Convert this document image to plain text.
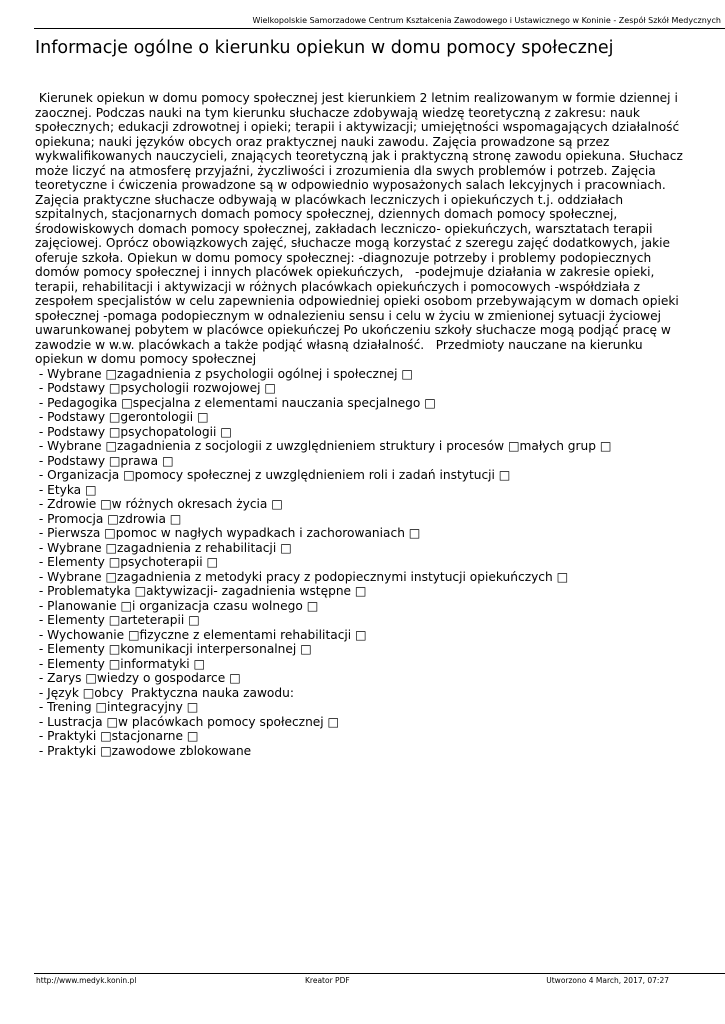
Wielkopolskie Samorzadowe Centrum Kształcenia Zawodowego i Ustawicznego w Koninie - Zespół Szkół Medycznych
Informacje ogólne o kierunku opiekun w domu pomocy społecznej

Kierunek opiekun w domu pomocy społecznej jest kierunkiem 2 letnim realizowanym w formie dziennej i
zaocznej. Podczas nauki na tym kierunku słuchacze zdobywają wiedzę teoretyczną z zakresu: nauk
społecznych; edukacji zdrowotnej i opieki; terapii i aktywizacji; umiejętności wspomagających działalność
opiekuna; nauki języków obcych oraz praktycznej nauki zawodu. Zajęcia prowadzone są przez
wykwalifikowanych nauczycieli, znających teoretyczną jak i praktyczną stronę zawodu opiekuna. Słuchacz
może liczyć na atmosferę przyjaźni, życzliwości i zrozumienia dla swych problemów i potrzeb. Zajęcia
teoretyczne i ćwiczenia prowadzone są w odpowiednio wyposażonych salach lekcyjnych i pracowniach.
Zajęcia praktyczne słuchacze odbywają w placówkach leczniczych i opiekuńczych t.j. oddziałach
szpitalnych, stacjonarnych domach pomocy społecznej, dziennych domach pomocy społecznej,
środowiskowych domach pomocy społecznej, zakładach leczniczo- opiekuńczych, warsztatach terapii
zajęciowej. Oprócz obowiązkowych zajęć, słuchacze mogą korzystać z szeregu zajęć dodatkowych, jakie
oferuje szkoła. Opiekun w domu pomocy społecznej: -diagnozuje potrzeby i problemy podopiecznych
domów pomocy społecznej i innych placówek opiekuńczych,   -podejmuje działania w zakresie opieki,
terapii, rehabilitacji i aktywizacji w różnych placówkach opiekuńczych i pomocowych -współdziała z
zespołem specjalistów w celu zapewnienia odpowiedniej opieki osobom przebywającym w domach opieki
społecznej -pomaga podopiecznym w odnalezieniu sensu i celu w życiu w zmienionej sytuacji życiowej
uwarunkowanej pobytem w placówce opiekuńczej Po ukończeniu szkoły słuchacze mogą podjąć pracę w
zawodzie w w.w. placówkach a także podjąć własną działalność.   Przedmioty nauczane na kierunku
opiekun w domu pomocy społecznej

- Wybrane □zagadnienia z psychologii ogólnej i społecznej □
- Podstawy □psychologii rozwojowej □
- Pedagogika □specjalna z elementami nauczania specjalnego □
- Podstawy □gerontologii □
- Podstawy □psychopatologii □
- Wybrane □zagadnienia z socjologii z uwzględnieniem struktury i procesów □małych grup □
- Podstawy □prawa □
- Organizacja □pomocy społecznej z uwzględnieniem roli i zadań instytucji □
- Etyka □
- Zdrowie □w różnych okresach życia □
- Promocja □zdrowia □
- Pierwsza □pomoc w nagłych wypadkach i zachorowaniach □
- Wybrane □zagadnienia z rehabilitacji □
- Elementy □psychoterapii □
- Wybrane □zagadnienia z metodyki pracy z podopiecznymi instytucji opiekuńczych □
- Problematyka □aktywizacji- zagadnienia wstępne □
- Planowanie □i organizacja czasu wolnego □
- Elementy □arteterapii □
- Wychowanie □fizyczne z elementami rehabilitacji □
- Elementy □komunikacji interpersonalnej □
- Elementy □informatyki □
- Zarys □wiedzy o gospodarce □
- Język □obcy  Praktyczna nauka zawodu:
- Trening □integracyjny □
- Lustracja □w placówkach pomocy społecznej □
- Praktyki □stacjonarne □
- Praktyki □zawodowe zblokowane
http://www.medyk.konin.pl	Kreator PDF	Utworzono 4 March, 2017, 07:27
